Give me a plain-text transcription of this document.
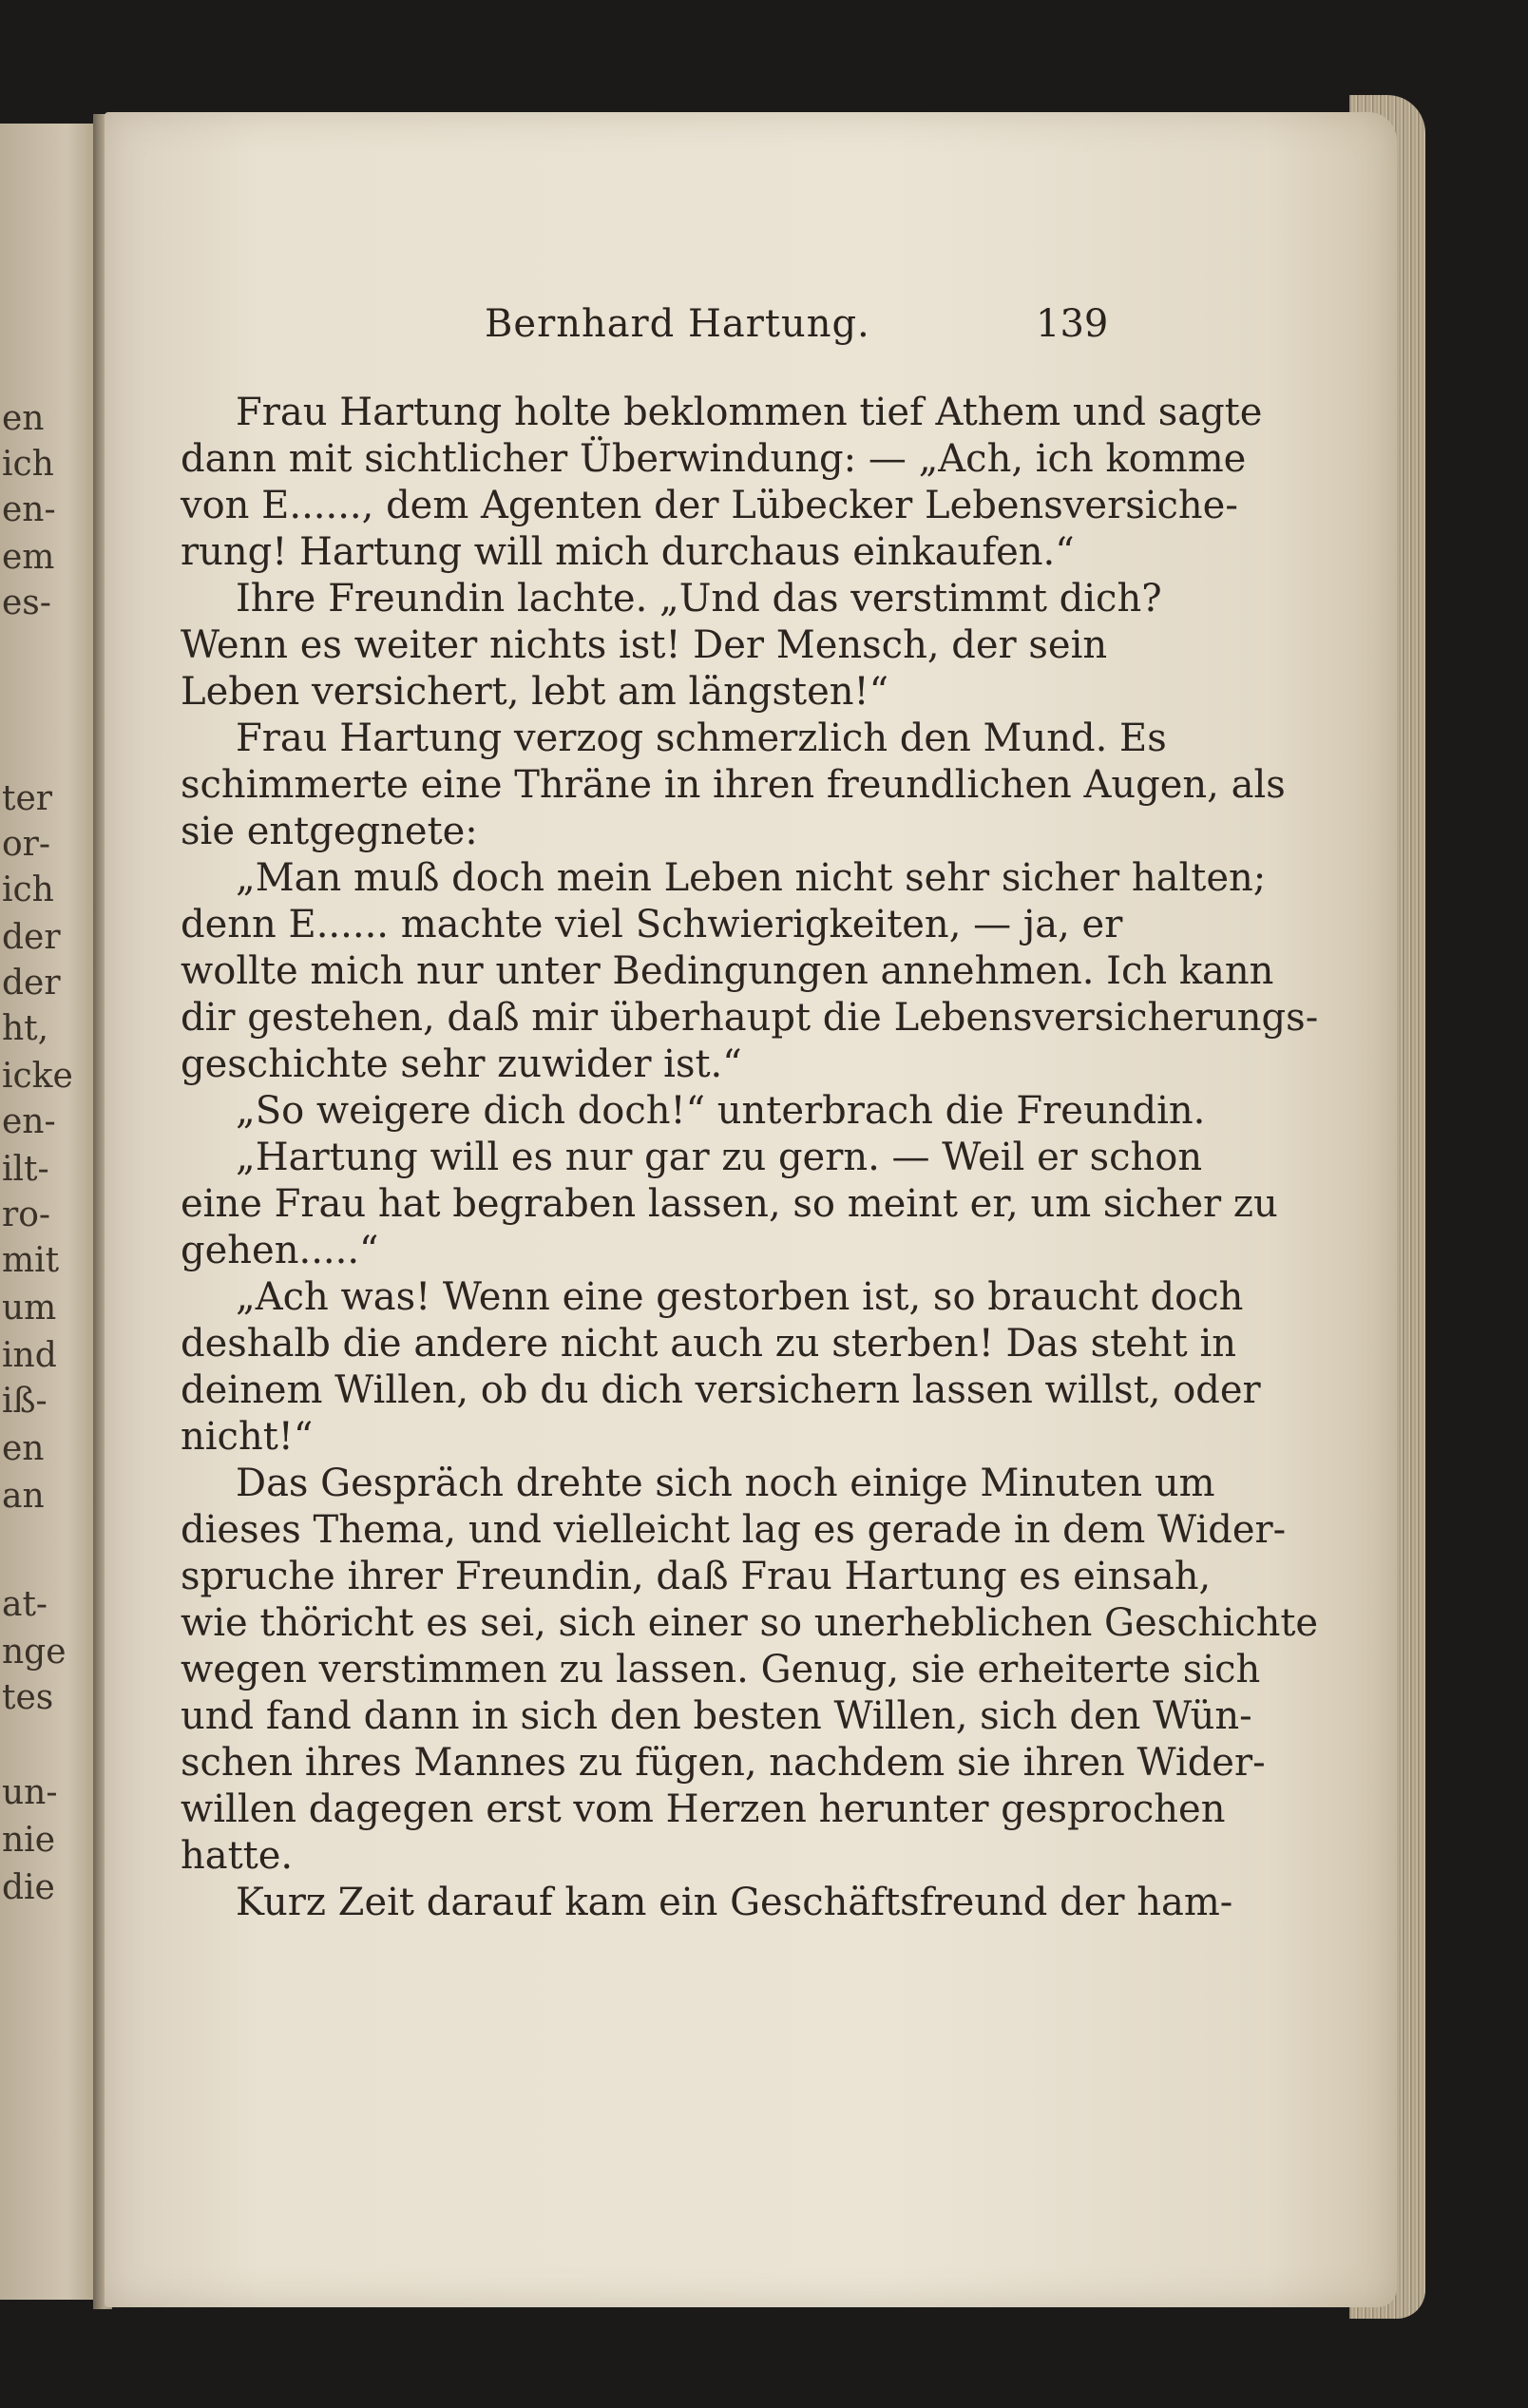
en
ich
en-
em
es-
ter
or-
ich
der
der
ht,
icke
en-
ilt-
ro-
mit
um
ind
iß-
en
an
at-
nge
tes
un-
nie
die
Bernhard Hartung.	139
Frau Hartung holte beklommen tief Athem und sagte
dann mit sichtlicher Überwindung: — „Ach, ich komme
von E......, dem Agenten der Lübecker Lebensversiche-
rung! Hartung will mich durchaus einkaufen.“
Ihre Freundin lachte. „Und das verstimmt dich?
Wenn es weiter nichts ist! Der Mensch, der sein
Leben versichert, lebt am längsten!“
Frau Hartung verzog schmerzlich den Mund. Es
schimmerte eine Thräne in ihren freundlichen Augen, als
sie entgegnete:
„Man muß doch mein Leben nicht sehr sicher halten;
denn E...... machte viel Schwierigkeiten, — ja, er
wollte mich nur unter Bedingungen annehmen. Ich kann
dir gestehen, daß mir überhaupt die Lebensversicherungs-
geschichte sehr zuwider ist.“
„So weigere dich doch!“ unterbrach die Freundin.
„Hartung will es nur gar zu gern. — Weil er schon
eine Frau hat begraben lassen, so meint er, um sicher zu
gehen.....“
„Ach was! Wenn eine gestorben ist, so braucht doch
deshalb die andere nicht auch zu sterben! Das steht in
deinem Willen, ob du dich versichern lassen willst, oder
nicht!“
Das Gespräch drehte sich noch einige Minuten um
dieses Thema, und vielleicht lag es gerade in dem Wider-
spruche ihrer Freundin, daß Frau Hartung es einsah,
wie thöricht es sei, sich einer so unerheblichen Geschichte
wegen verstimmen zu lassen. Genug, sie erheiterte sich
und fand dann in sich den besten Willen, sich den Wün-
schen ihres Mannes zu fügen, nachdem sie ihren Wider-
willen dagegen erst vom Herzen herunter gesprochen
hatte.
Kurz Zeit darauf kam ein Geschäftsfreund der ham-
